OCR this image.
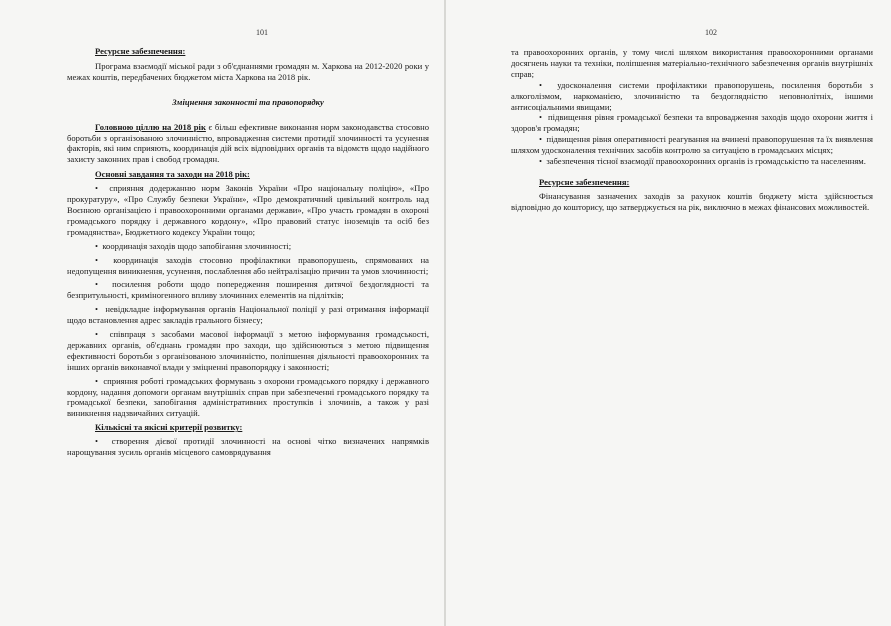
101

Ресурсне забезпечення:

Програма взаємодії міської ради з об'єднаннями громадян м. Харкова на 2012-2020 роки у межах коштів, передбачених бюджетом міста Харкова на 2018 рік.

Зміцнення законності та правопорядку

Головною ціллю на 2018 рік є більш ефективне виконання норм законодавства стосовно боротьби з організованою злочинністю, впровадження системи протидії злочинності та усунення факторів, які ним сприяють, координація дій всіх відповідних органів та відомств щодо надійного захисту законних прав і свобод громадян.

Основні завдання та заходи на 2018 рік:

•  сприяння додержанню норм Законів України «Про національну поліцію», «Про прокуратуру», «Про Службу безпеки України», «Про демократичний цивільний контроль над Воєнною організацією і правоохоронними органами держави», «Про участь громадян в охороні громадського порядку і державного кордону», «Про правовий статус іноземців та осіб без громадянства», Бюджетного кодексу України тощо;

•  координація заходів щодо запобігання злочинності;

•  координація заходів стосовно профілактики правопорушень, спрямованих на недопущення виникнення, усунення, послаблення або нейтралізацію причин та умов злочинності;

•  посилення роботи щодо попередження поширення дитячої бездоглядності та безпритульності, криміногенного впливу злочинних елементів на підлітків;

•  невідкладне інформування органів Національної поліції у разі отримання інформації щодо встановлення адрес закладів грального бізнесу;

•  співпраця з засобами масової інформації з метою інформування громадськості, державних органів, об'єднань громадян про заходи, що здійснюються з метою підвищення ефективності боротьби з організованою злочинністю, поліпшення діяльності правоохоронних та інших органів виконавчої влади у зміцненні правопорядку і законності;

•  сприяння роботі громадських формувань з охорони громадського порядку і державного кордону, надання допомоги органам внутрішніх справ при забезпеченні громадського порядку та громадської безпеки, запобігання адміністративних проступків і злочинів, а також у разі виникнення надзвичайних ситуацій.

Кількісні та якісні критерії розвитку:

•  створення дієвої протидії злочинності на основі чітко визначених напрямків нарощування зусиль органів місцевого самоврядування

102

та правоохоронних органів, у тому числі шляхом використання правоохоронними органами досягнень науки та техніки, поліпшення матеріально-технічного забезпечення органів внутрішніх справ;

•  удосконалення системи профілактики правопорушень, посилення боротьби з алкоголізмом, наркоманією, злочинністю та бездоглядністю неповнолітніх, іншими антисоціальними явищами;

•  підвищення рівня громадської безпеки та впровадження заходів щодо охорони життя і здоров'я громадян;

•  підвищення рівня оперативності реагування на вчинені правопорушення та їх виявлення шляхом удосконалення технічних засобів контролю за ситуацією в громадських місцях;

•  забезпечення тісної взаємодії правоохоронних органів із громадськістю та населенням.

Ресурсне забезпечення:

Фінансування зазначених заходів за рахунок коштів бюджету міста здійснюється відповідно до кошторису, що затверджується на рік, виключно в межах фінансових можливостей.
